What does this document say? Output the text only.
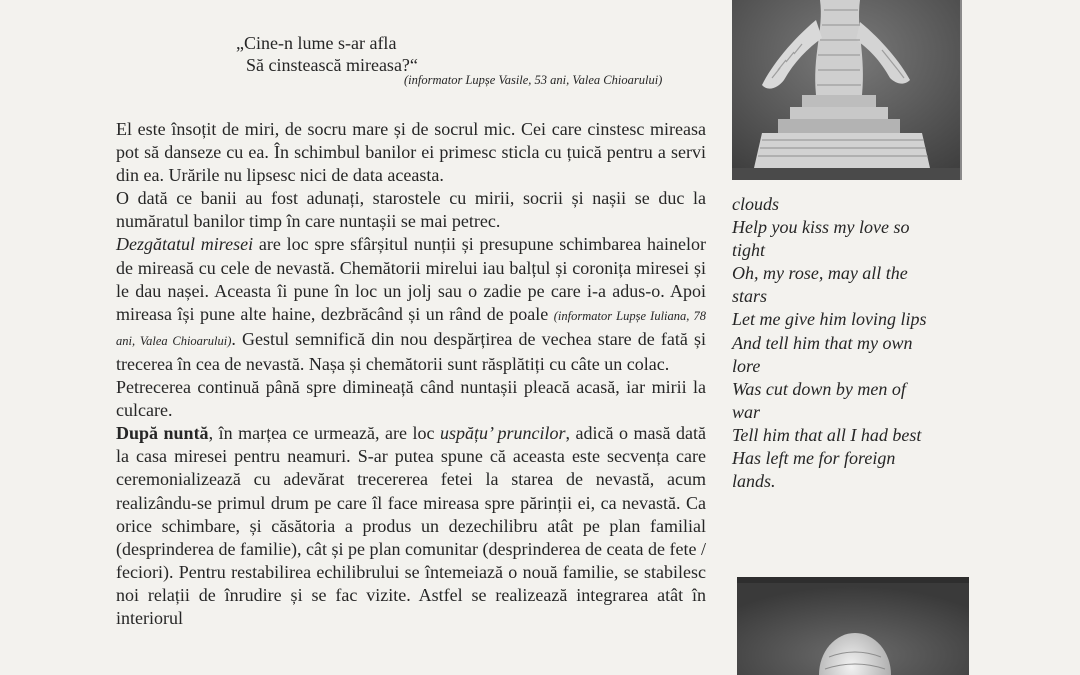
„Cine-n lume s-ar afla
Să cinstească mireasa?“
(informator Lupșe Vasile, 53 ani, Valea Chioarului)

El este însoțit de miri, de socru mare și de socrul mic. Cei care cinstesc mireasa pot să danseze cu ea. În schimbul banilor ei primesc sticla cu țuică pentru a servi din ea. Urările nu lipsesc nici de data aceasta.

O dată ce banii au fost adunați, starostele cu mirii, socrii și nașii se duc la număratul banilor timp în care nuntașii se mai petrec.

Dezgătatul miresei are loc spre sfârșitul nunții și presupune schimbarea hainelor de mireasă cu cele de nevastă. Chemătorii mirelui iau balțul și coronița miresei și le dau nașei. Aceasta îi pune în loc un jolj sau o zadie pe care i-a adus-o. Apoi mireasa își pune alte haine, dezbrăcând și un rând de poale (informator Lupșe Iuliana, 78 ani, Valea Chioarului). Gestul semnifică din nou despărțirea de vechea stare de fată și trecerea în cea de nevastă. Nașa și chemătorii sunt răsplătiți cu câte un colac.

Petrecerea continuă până spre dimineață când nuntașii pleacă acasă, iar mirii la culcare.

După nuntă, în marțea ce urmează, are loc uspățu’ pruncilor, adică o masă dată la casa miresei pentru neamuri. S-ar putea spune că aceasta este secvența care ceremonializează cu adevărat trecererea fetei la starea de nevastă, acum realizându-se primul drum pe care îl face mireasa spre părinții ei, ca nevastă. Ca orice schimbare, și căsătoria a produs un dezechilibru atât pe plan familial (desprinderea de familie), cât și pe plan comunitar (desprinderea de ceata de fete / feciori). Pentru restabilirea echilibrului se întemeiază o nouă familie, se stabilesc noi relații de înrudire și se fac vizite. Astfel se realizează integrarea atât în interiorul

clouds
Help you kiss my love so
tight
Oh, my rose, may all the
stars
Let me give him loving lips
And tell him that my own
lore
Was cut down by men of
war
Tell him that all I had best
Has left me for foreign
lands.
